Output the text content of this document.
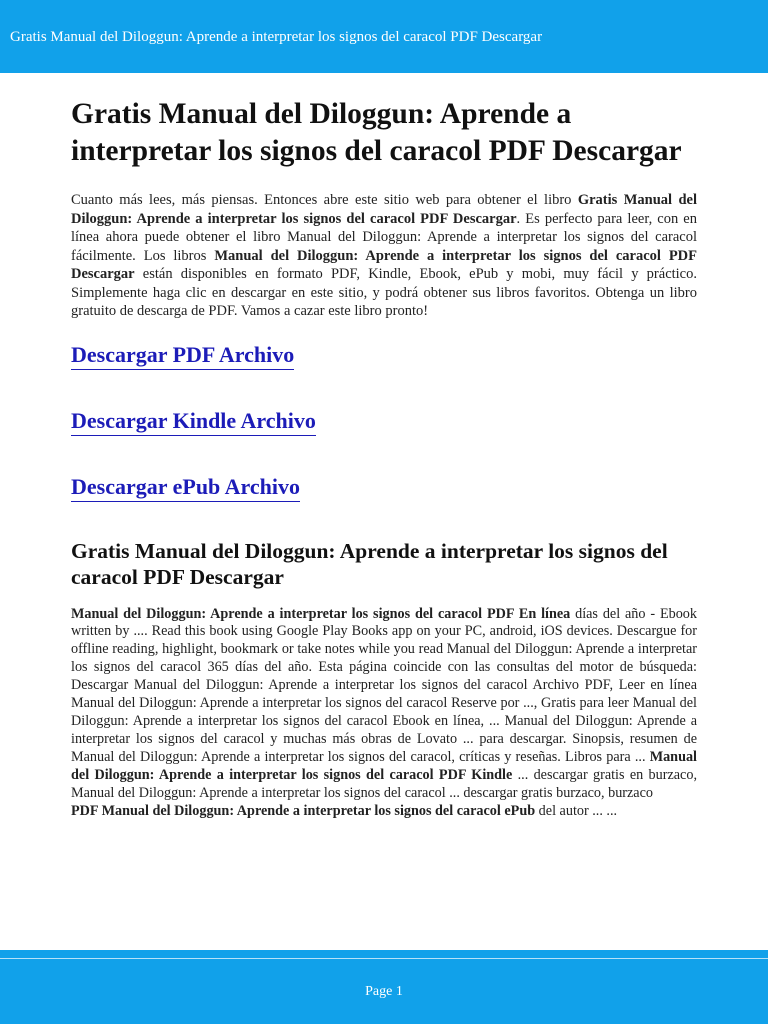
Gratis Manual del Diloggun: Aprende a interpretar los signos del caracol PDF Descargar
Gratis Manual del Diloggun: Aprende a interpretar los signos del caracol PDF Descargar

Cuanto más lees, más piensas. Entonces abre este sitio web para obtener el libro Gratis Manual del Diloggun: Aprende a interpretar los signos del caracol PDF Descargar. Es perfecto para leer, con en línea ahora puede obtener el libro Manual del Diloggun: Aprende a interpretar los signos del caracol fácilmente. Los libros Manual del Diloggun: Aprende a interpretar los signos del caracol PDF Descargar están disponibles en formato PDF, Kindle, Ebook, ePub y mobi, muy fácil y práctico. Simplemente haga clic en descargar en este sitio, y podrá obtener sus libros favoritos. Obtenga un libro gratuito de descarga de PDF. Vamos a cazar este libro pronto!

Descargar PDF Archivo
Descargar Kindle Archivo
Descargar ePub Archivo
Gratis Manual del Diloggun: Aprende a interpretar los signos del caracol PDF Descargar

Manual del Diloggun: Aprende a interpretar los signos del caracol PDF En línea días del año - Ebook written by .... Read this book using Google Play Books app on your PC, android, iOS devices. Descargue for offline reading, highlight, bookmark or take notes while you read Manual del Diloggun: Aprende a interpretar los signos del caracol 365 días del año. Esta página coincide con las consultas del motor de búsqueda: Descargar Manual del Diloggun: Aprende a interpretar los signos del caracol Archivo PDF, Leer en línea Manual del Diloggun: Aprende a interpretar los signos del caracol Reserve por ..., Gratis para leer Manual del Diloggun: Aprende a interpretar los signos del caracol Ebook en línea, ... Manual del Diloggun: Aprende a interpretar los signos del caracol y muchas más obras de Lovato ... para descargar. Sinopsis, resumen de Manual del Diloggun: Aprende a interpretar los signos del caracol, críticas y reseñas. Libros para ... Manual del Diloggun: Aprende a interpretar los signos del caracol PDF Kindle ... descargar gratis en burzaco, Manual del Diloggun: Aprende a interpretar los signos del caracol ... descargar gratis burzaco, burzaco

PDF Manual del Diloggun: Aprende a interpretar los signos del caracol ePub del autor ... ...

Page 1
